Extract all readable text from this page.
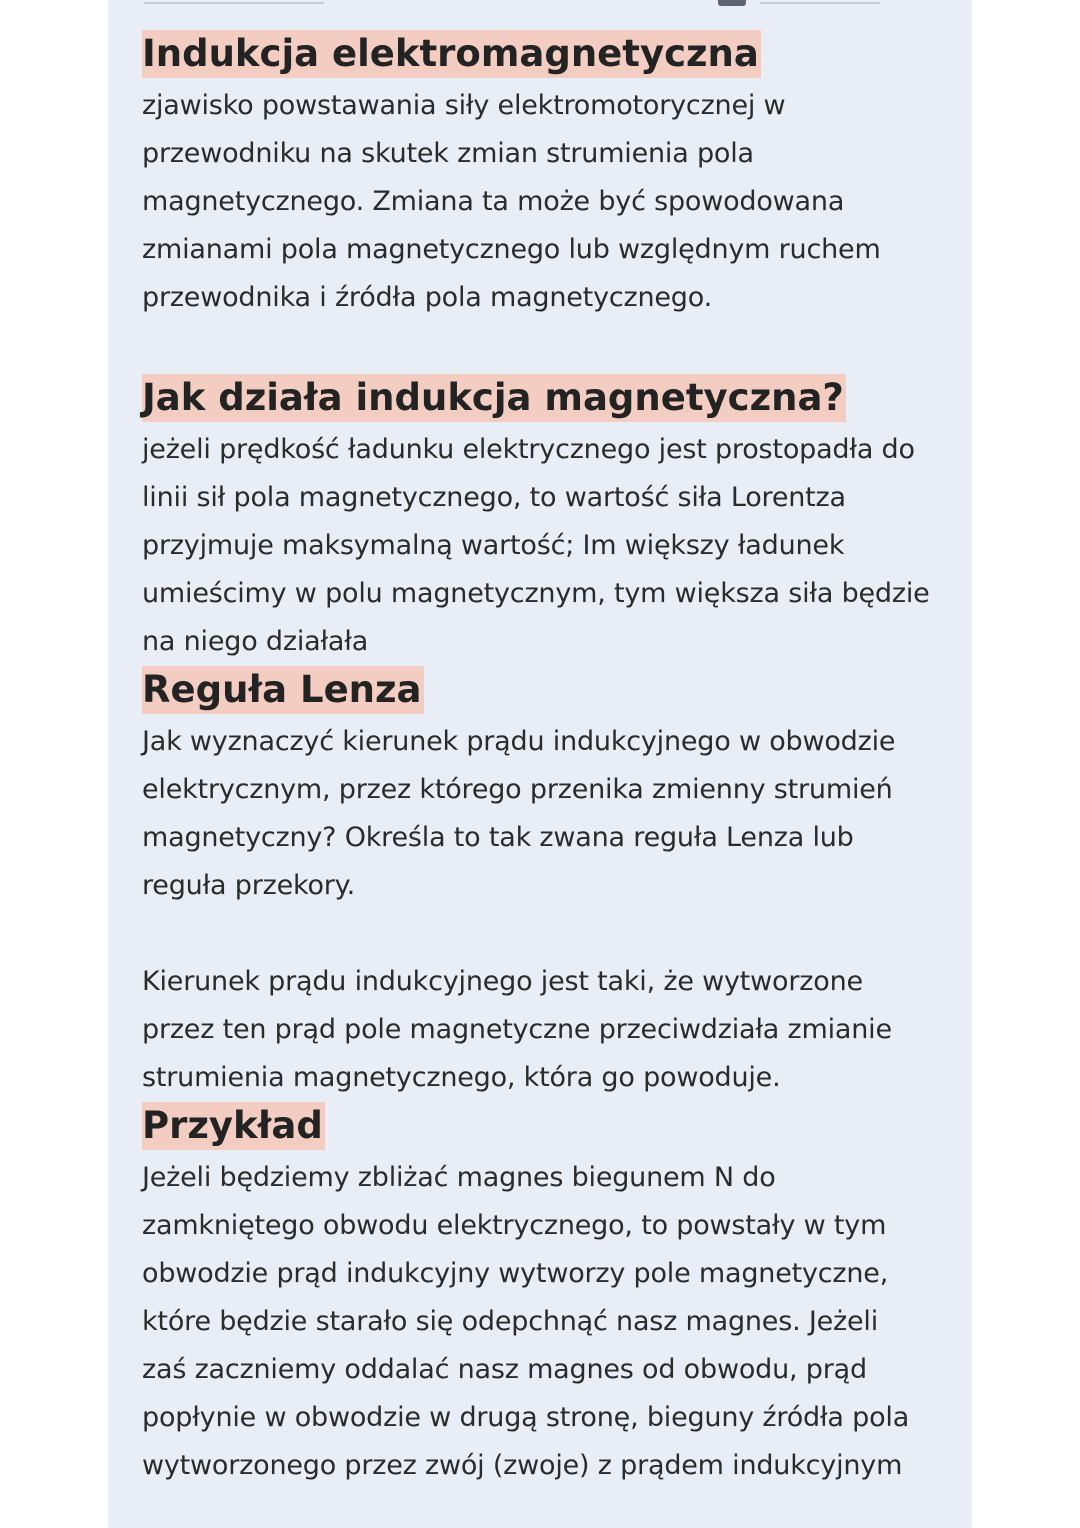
Indukcja elektromagnetyczna

zjawisko powstawania siły elektromotorycznej w
przewodniku na skutek zmian strumienia pola
magnetycznego. Zmiana ta może być spowodowana
zmianami pola magnetycznego lub względnym ruchem
przewodnika i źródła pola magnetycznego.

Jak działa indukcja magnetyczna?

jeżeli prędkość ładunku elektrycznego jest prostopadła do
linii sił pola magnetycznego, to wartość siła Lorentza
przyjmuje maksymalną wartość; Im większy ładunek
umieścimy w polu magnetycznym, tym większa siła będzie
na niego działała

Reguła Lenza

Jak wyznaczyć kierunek prądu indukcyjnego w obwodzie
elektrycznym, przez którego przenika zmienny strumień
magnetyczny? Określa to tak zwana reguła Lenza lub
reguła przekory.

Kierunek prądu indukcyjnego jest taki, że wytworzone
przez ten prąd pole magnetyczne przeciwdziała zmianie
strumienia magnetycznego, która go powoduje.

Przykład

Jeżeli będziemy zbliżać magnes biegunem N do
zamkniętego obwodu elektrycznego, to powstały w tym
obwodzie prąd indukcyjny wytworzy pole magnetyczne,
które będzie starało się odepchnąć nasz magnes. Jeżeli
zaś zaczniemy oddalać nasz magnes od obwodu, prąd
popłynie w obwodzie w drugą stronę, bieguny źródła pola
wytworzonego przez zwój (zwoje) z prądem indukcyjnym
